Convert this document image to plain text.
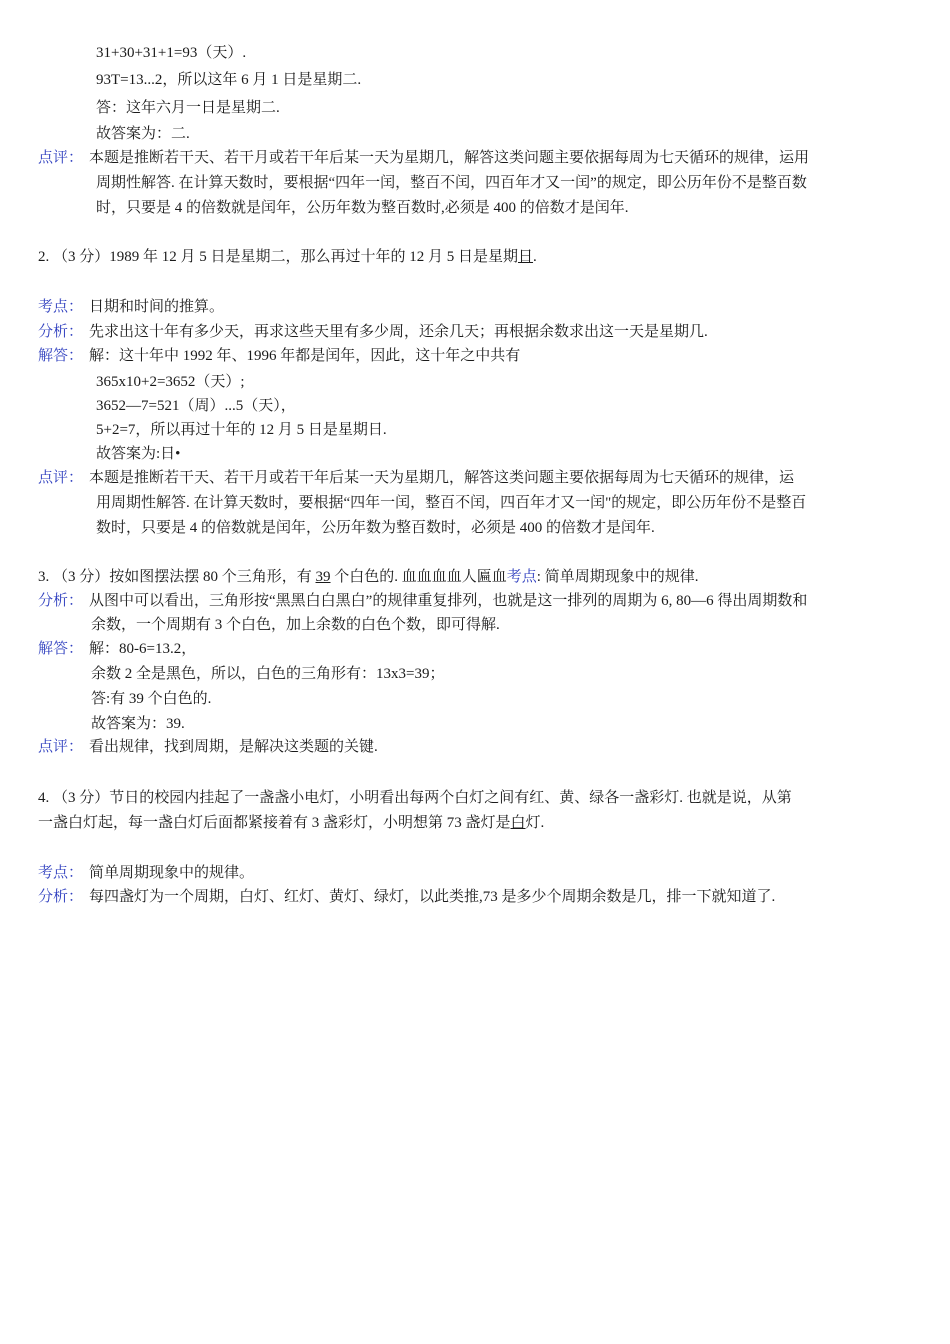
31+30+31+1=93（天）.
93T=13...2，所以这年 6 月 1 日是星期二.
答：这年六月一日是星期二.
故答案为：二.
点评： 本题是推断若干天、若干月或若干年后某一天为星期几，解答这类问题主要依据每周为七天循环的规律，运用
周期性解答. 在计算天数时，要根据“四年一闰，整百不闰，四百年才又一闰”的规定，即公历年份不是整百数
时，只要是 4 的倍数就是闰年，公历年数为整百数时,必须是 400 的倍数才是闰年.
2. （3 分）1989 年 12 月 5 日是星期二，那么再过十年的 12 月 5 日是星期日.
考点： 日期和时间的推算。
分析： 先求出这十年有多少天，再求这些天里有多少周，还余几天；再根据余数求出这一天是星期几.
解答： 解：这十年中 1992 年、1996 年都是闰年，因此，这十年之中共有
365x10+2=3652（天）;
3652—7=521（周）...5（天），
5+2=7，所以再过十年的 12 月 5 日是星期日.
故答案为:日•
点评： 本题是推断若干天、若干月或若干年后某一天为星期几，解答这类问题主要依据每周为七天循环的规律，运
用周期性解答. 在计算天数时，要根据“四年一闰，整百不闰，四百年才又一闰"的规定，即公历年份不是整百
数时，只要是 4 的倍数就是闰年，公历年数为整百数时，必须是 400 的倍数才是闰年.
3. （3 分）按如图摆法摆 80 个三角形，有 39 个白色的. 血血血血人匾血考点: 简单周期现象中的规律.
分析： 从图中可以看出，三角形按“黑黑白白黑白”的规律重复排列，也就是这一排列的周期为 6, 80—6 得出周期数和
余数，一个周期有 3 个白色，加上余数的白色个数，即可得解.
解答： 解：80-6=13.2，
余数 2 全是黑色，所以，白色的三角形有：13x3=39；
答:有 39 个白色的.
故答案为：39.
点评： 看出规律，找到周期，是解决这类题的关键.
4. （3 分）节日的校园内挂起了一盏盏小电灯，小明看出每两个白灯之间有红、黄、绿各一盏彩灯. 也就是说，从第
一盏白灯起，每一盏白灯后面都紧接着有 3 盏彩灯，小明想第 73 盏灯是白灯.
考点： 简单周期现象中的规律。
分析： 每四盏灯为一个周期，白灯、红灯、黄灯、绿灯，以此类推,73 是多少个周期余数是几，排一下就知道了.
